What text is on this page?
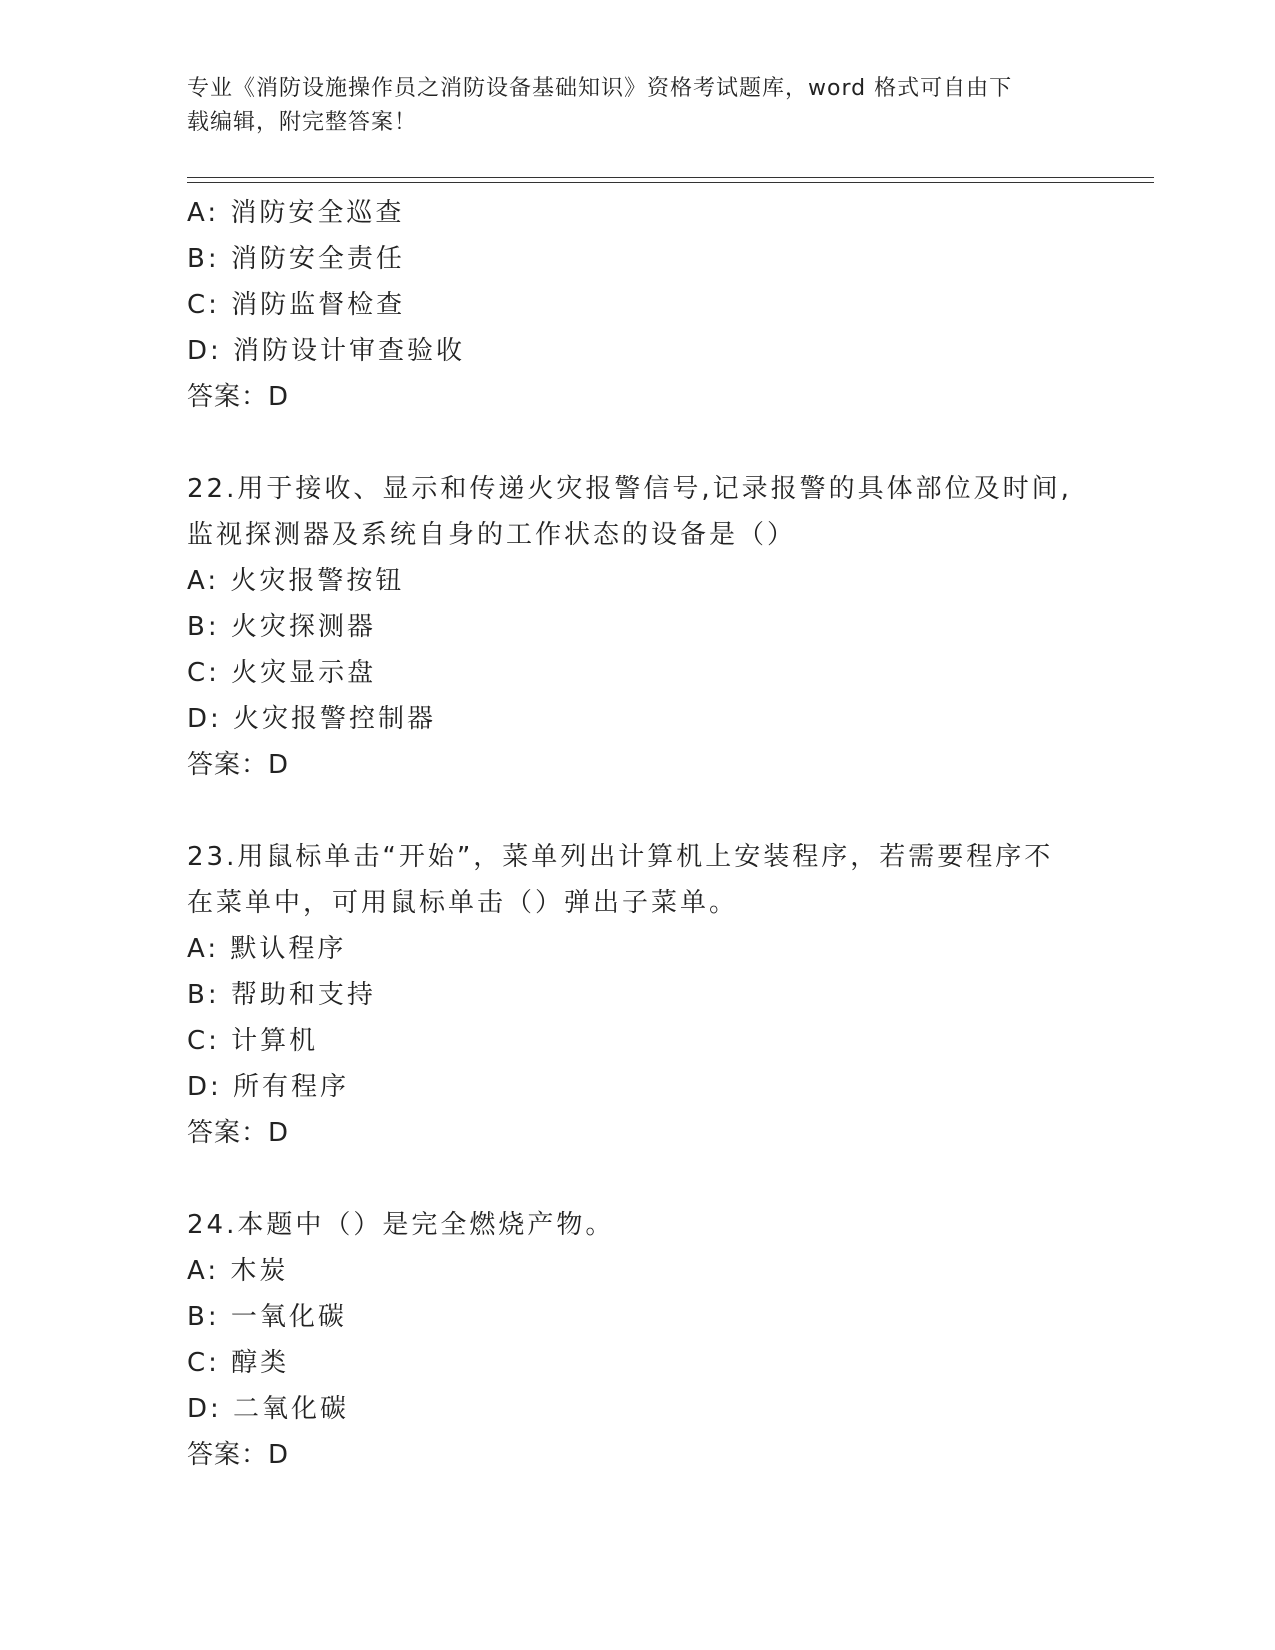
专业《消防设施操作员之消防设备基础知识》资格考试题库，word 格式可自由下
载编辑，附完整答案！
A: 消防安全巡查
B: 消防安全责任
C: 消防监督检查
D: 消防设计审查验收
答案：D
22.用于接收、显示和传递火灾报警信号,记录报警的具体部位及时间,
监视探测器及系统自身的工作状态的设备是（）
A: 火灾报警按钮
B: 火灾探测器
C: 火灾显示盘
D: 火灾报警控制器
答案：D
23.用鼠标单击“开始”，菜单列出计算机上安装程序，若需要程序不
在菜单中，可用鼠标单击（）弹出子菜单。
A: 默认程序
B: 帮助和支持
C: 计算机
D: 所有程序
答案：D
24.本题中（）是完全燃烧产物。
A: 木炭
B: 一氧化碳
C: 醇类
D: 二氧化碳
答案：D
